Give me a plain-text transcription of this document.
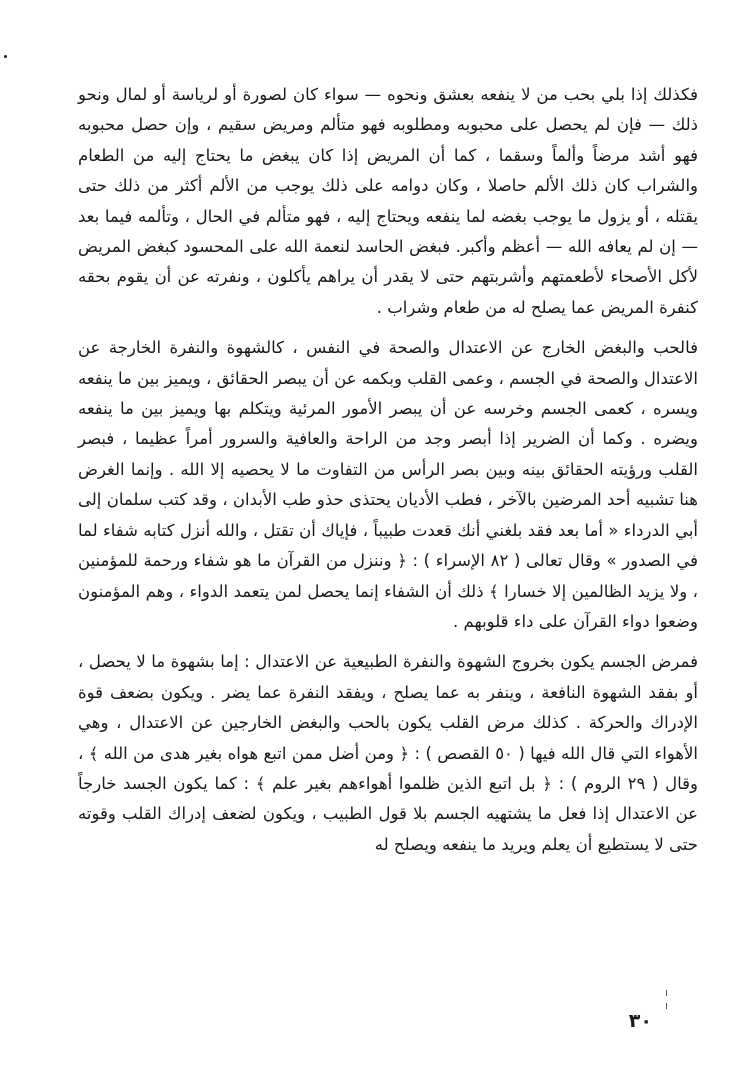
فكذلك إذا بلي بحب من لا ينفعه بعشق ونحوه — سواء كان لصورة أو لرياسة أو لمال ونحو ذلك — فإن لم يحصل على محبوبه ومطلوبه فهو متألم ومريض سقيم ، وإن حصل محبوبه فهو أشد مرضاً وألماً وسقما ، كما أن المريض إذا كان يبغض ما يحتاج إليه من الطعام والشراب كان ذلك الألم حاصلا ، وكان دوامه على ذلك يوجب من الألم أكثر من ذلك حتى يقتله ، أو يزول ما يوجب بغضه لما ينفعه ويحتاج إليه ، فهو متألم في الحال ، وتألمه فيما بعد — إن لم يعافه الله — أعظم وأكبر. فبغض الحاسد لنعمة الله على المحسود كبغض المريض لأكل الأصحاء لأطعمتهم وأشربتهم حتى لا يقدر أن يراهم يأكلون ، ونفرته عن أن يقوم بحقه كنفرة المريض عما يصلح له من طعام وشراب .

فالحب والبغض الخارج عن الاعتدال والصحة في النفس ، كالشهوة والنفرة الخارجة عن الاعتدال والصحة في الجسم ، وعمى القلب وبكمه عن أن يبصر الحقائق ، ويميز بين ما ينفعه ويسره ، كعمى الجسم وخرسه عن أن يبصر الأمور المرئية ويتكلم بها ويميز بين ما ينفعه ويضره . وكما أن الضرير إذا أبصر وجد من الراحة والعافية والسرور أمراً عظيما ، فبصر القلب ورؤيته الحقائق بينه وبين بصر الرأس من التفاوت ما لا يحصيه إلا الله . وإنما الغرض هنا تشبيه أحد المرضين بالآخر ، فطب الأديان يحتذى حذو طب الأبدان ، وقد كتب سلمان إلى أبي الدرداء « أما بعد فقد بلغني أنك قعدت طبيباً ، فإياك أن تقتل ، والله أنزل كتابه شفاء لما في الصدور » وقال تعالى ( ٨٢ الإسراء ) : ﴿ وننزل من القرآن ما هو شفاء ورحمة للمؤمنين ، ولا يزيد الظالمين إلا خسارا ﴾ ذلك أن الشفاء إنما يحصل لمن يتعمد الدواء ، وهم المؤمنون وضعوا دواء القرآن على داء قلوبهم .

فمرض الجسم يكون بخروج الشهوة والنفرة الطبيعية عن الاعتدال : إما بشهوة ما لا يحصل ، أو بفقد الشهوة النافعة ، وينفر به عما يصلح ، ويفقد النفرة عما يضر . ويكون بضعف قوة الإدراك والحركة . كذلك مرض القلب يكون بالحب والبغض الخارجين عن الاعتدال ، وهي الأهواء التي قال الله فيها ( ٥٠ القصص ) : ﴿ ومن أضل ممن اتبع هواه بغير هدى من الله ﴾ ، وقال ( ٢٩ الروم ) : ﴿ بل اتبع الذين ظلموا أهواءهم بغير علم ﴾ : كما يكون الجسد خارجاً عن الاعتدال إذا فعل ما يشتهيه الجسم بلا قول الطبيب ، ويكون لضعف إدراك القلب وقوته حتى لا يستطيع أن يعلم ويريد ما ينفعه ويصلح له

٣٠
